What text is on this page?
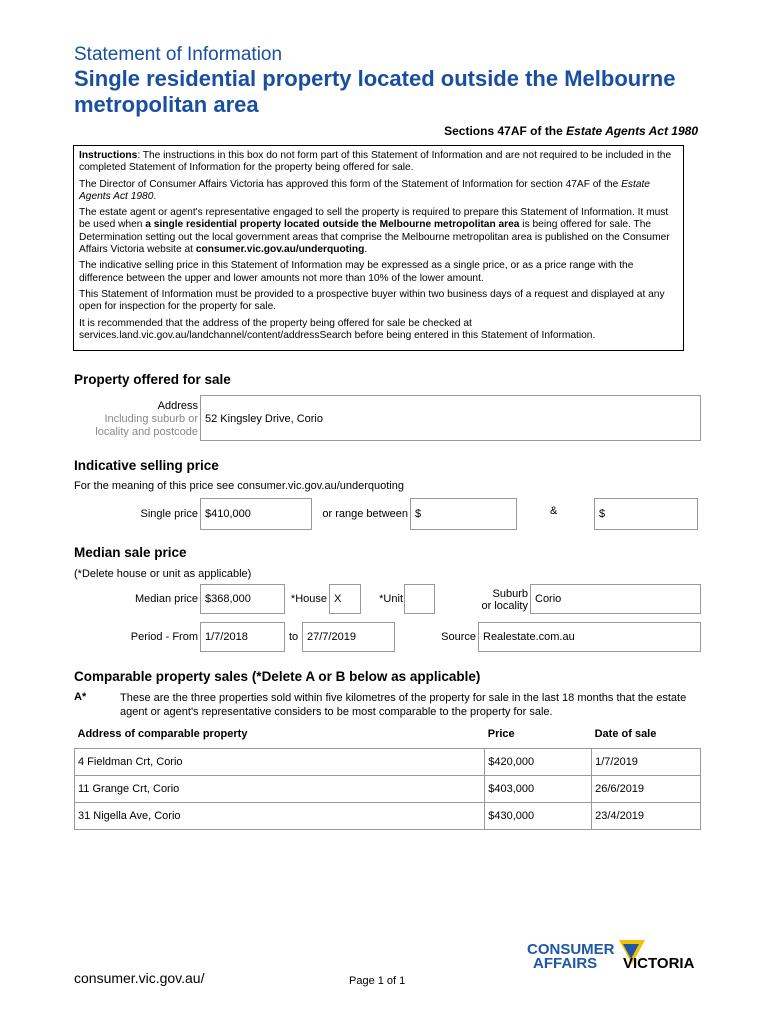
Statement of Information
Single residential property located outside the Melbourne metropolitan area
Sections 47AF of the Estate Agents Act 1980

Instructions: The instructions in this box do not form part of this Statement of Information and are not required to be included in the completed Statement of Information for the property being offered for sale.

The Director of Consumer Affairs Victoria has approved this form of the Statement of Information for section 47AF of the Estate Agents Act 1980.

The estate agent or agent's representative engaged to sell the property is required to prepare this Statement of Information. It must be used when a single residential property located outside the Melbourne metropolitan area is being offered for sale. The Determination setting out the local government areas that comprise the Melbourne metropolitan area is published on the Consumer Affairs Victoria website at consumer.vic.gov.au/underquoting.

The indicative selling price in this Statement of Information may be expressed as a single price, or as a price range with the difference between the upper and lower amounts not more than 10% of the lower amount.

This Statement of Information must be provided to a prospective buyer within two business days of a request and displayed at any open for inspection for the property for sale.

It is recommended that the address of the property being offered for sale be checked at services.land.vic.gov.au/landchannel/content/addressSearch before being entered in this Statement of Information.

Property offered for sale
Address
Including suburb or
locality and postcode
52 Kingsley Drive, Corio
Indicative selling price
For the meaning of this price see consumer.vic.gov.au/underquoting
Single price $410,000	or range between $	&	$
Median sale price
(*Delete house or unit as applicable)
Median price $368,000	*House X	*Unit	Suburb
or locality
Corio
Period - From 1/7/2018	to 27/7/2019	Source Realestate.com.au
Comparable property sales (*Delete A or B below as applicable)
A*	These are the three properties sold within five kilometres of the property for sale in the last 18 months that the estate agent or agent's representative considers to be most comparable to the property for sale.
Address of comparable property	Price	Date of sale
4 Fieldman Crt, Corio	$420,000	1/7/2019
11 Grange Crt, Corio	$403,000	26/6/2019
31 Nigella Ave, Corio	$430,000	23/4/2019
CONSUMER
AFFAIRS VICTORIA
consumer.vic.gov.au/	Page 1 of 1
